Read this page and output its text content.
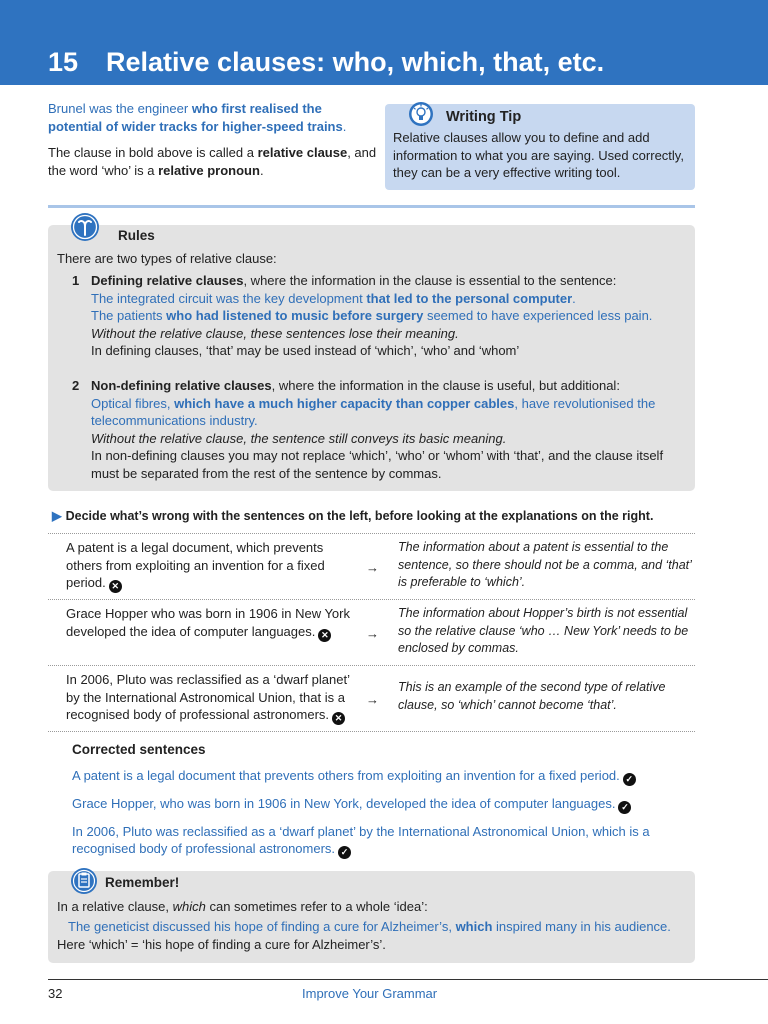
15 Relative clauses: who, which, that, etc.

Brunel was the engineer who first realised the potential of wider tracks for higher-speed trains.

The clause in bold above is called a relative clause, and the word ‘who’ is a relative pronoun.

Writing Tip
Relative clauses allow you to define and add information to what you are saying. Used correctly, they can be a very effective writing tool.
Rules
There are two types of relative clause:
1 Defining relative clauses, where the information in the clause is essential to the sentence:
The integrated circuit was the key development that led to the personal computer.
The patients who had listened to music before surgery seemed to have experienced less pain.
Without the relative clause, these sentences lose their meaning.
In defining clauses, ‘that’ may be used instead of ‘which’, ‘who’ and ‘whom’
2 Non-defining relative clauses, where the information in the clause is useful, but additional:
Optical fibres, which have a much higher capacity than copper cables, have revolutionised the telecommunications industry.
Without the relative clause, the sentence still conveys its basic meaning.
In non-defining clauses you may not replace ‘which’, ‘who’ or ‘whom’ with ‘that’, and the clause itself must be separated from the rest of the sentence by commas.
▶ Decide what’s wrong with the sentences on the left, before looking at the explanations on the right.
A patent is a legal document, which prevents others from exploiting an invention for a fixed period. ✕
→
The information about a patent is essential to the sentence, so there should not be a comma, and ‘that’ is preferable to ‘which’.
Grace Hopper who was born in 1906 in New York developed the idea of computer languages. ✕	→
The information about Hopper’s birth is not essential so the relative clause ‘who … New York’ needs to be enclosed by commas.
In 2006, Pluto was reclassified as a ‘dwarf planet’ by the International Astronomical Union, that is a recognised body of professional astronomers. ✕
→
This is an example of the second type of relative clause, so ‘which’ cannot become ‘that’.
Corrected sentences
A patent is a legal document that prevents others from exploiting an invention for a fixed period. ✓
Grace Hopper, who was born in 1906 in New York, developed the idea of computer languages. ✓
In 2006, Pluto was reclassified as a ‘dwarf planet’ by the International Astronomical Union, which is a recognised body of professional astronomers. ✓
Remember!
In a relative clause, which can sometimes refer to a whole ‘idea’:
The geneticist discussed his hope of finding a cure for Alzheimer’s, which inspired many in his audience.
Here ‘which’ = ‘his hope of finding a cure for Alzheimer’s’.
32	Improve Your Grammar
